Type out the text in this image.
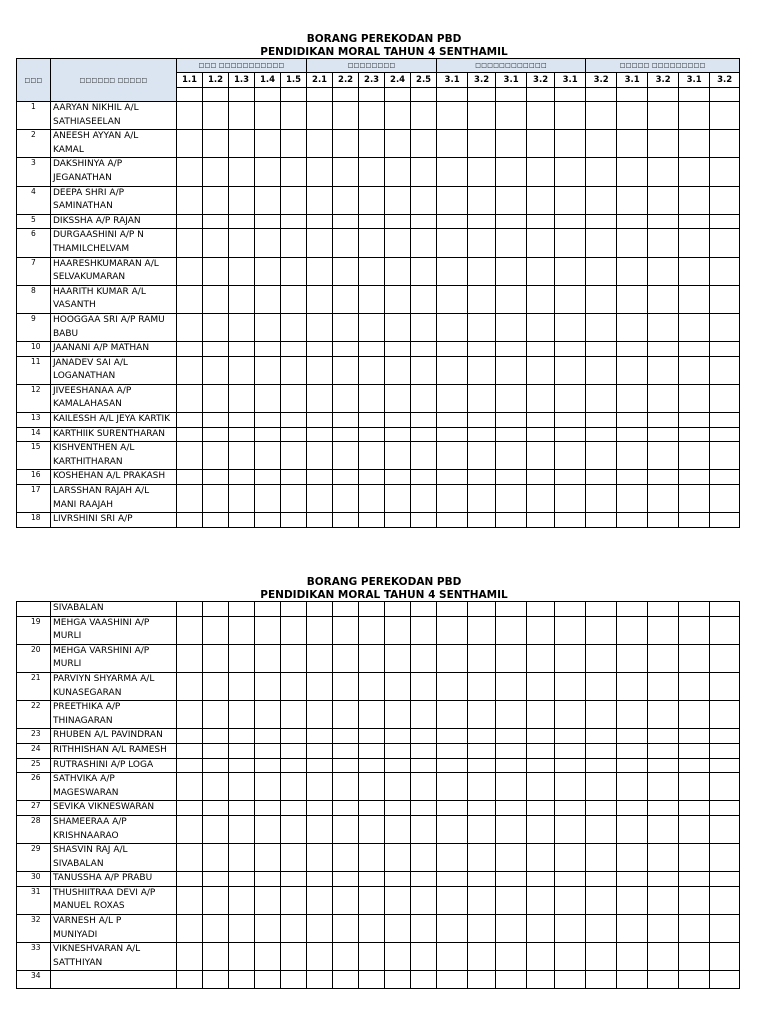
BORANG PEREKODAN PBD
PENDIDIKAN MORAL TAHUN 4 SENTHAMIL
□□□	□□□□□□ □□□□□	□□□ □□□□□□□□□□□					□□□□□□□□					□□□□□□□□□□□□					□□□□□ □□□□□□□□□				
		1.1	1.2	1.3	1.4	1.5	2.1	2.2	2.3	2.4	2.5	3.1	3.2	3.1	3.2	3.1	3.2	3.1	3.2	3.1	3.2

1	AARYAN NIKHIL A/L
SATHIASEELAN																				

2	ANEESH AYYAN A/L
KAMAL																				

3	DAKSHINYA A/P
JEGANATHAN																				

4	DEEPA SHRI A/P
SAMINATHAN																				

5	DIKSSHA A/P RAJAN																				

6	DURGAASHINI A/P N
THAMILCHELVAM																				

7	HAARESHKUMARAN A/L
SELVAKUMARAN																				

8	HAARITH KUMAR A/L
VASANTH																				

9	HOOGGAA SRI A/P RAMU
BABU																				

10	JAANANI A/P MATHAN																				

11	JANADEV SAI A/L
LOGANATHAN																				

12	JIVEESHANAA A/P
KAMALAHASAN																				

13	KAILESSH A/L JEYA KARTIK																				

14	KARTHIIK SURENTHARAN																				

15	KISHVENTHEN A/L
KARTHITHARAN																				

16	KOSHEHAN A/L PRAKASH																				

17	LARSSHAN RAJAH A/L
MANI RAAJAH																				

18	LIVRSHINI SRI A/P																				

BORANG PEREKODAN PBD
PENDIDIKAN MORAL TAHUN 4 SENTHAMIL

	SIVABALAN																				

19	MEHGA VAASHINI A/P
MURLI																				

20	MEHGA VARSHINI A/P
MURLI																				

21	PARVIYN SHYARMA A/L
KUNASEGARAN																				

22	PREETHIKA A/P
THINAGARAN																				

23	RHUBEN A/L PAVINDRAN																				

24	RITHHISHAN A/L RAMESH																				

25	RUTRASHINI A/P LOGA																				

26	SATHVIKA A/P
MAGESWARAN																				

27	SEVIKA VIKNESWARAN																				

28	SHAMEERAA A/P
KRISHNAARAO																				

29	SHASVIN RAJ A/L
SIVABALAN																				

30	TANUSSHA A/P PRABU																				

31	THUSHIITRAA DEVI A/P
MANUEL ROXAS																				

32	VARNESH A/L P
MUNIYADI																				

33	VIKNESHVARAN A/L
SATTHIYAN																				

34	
